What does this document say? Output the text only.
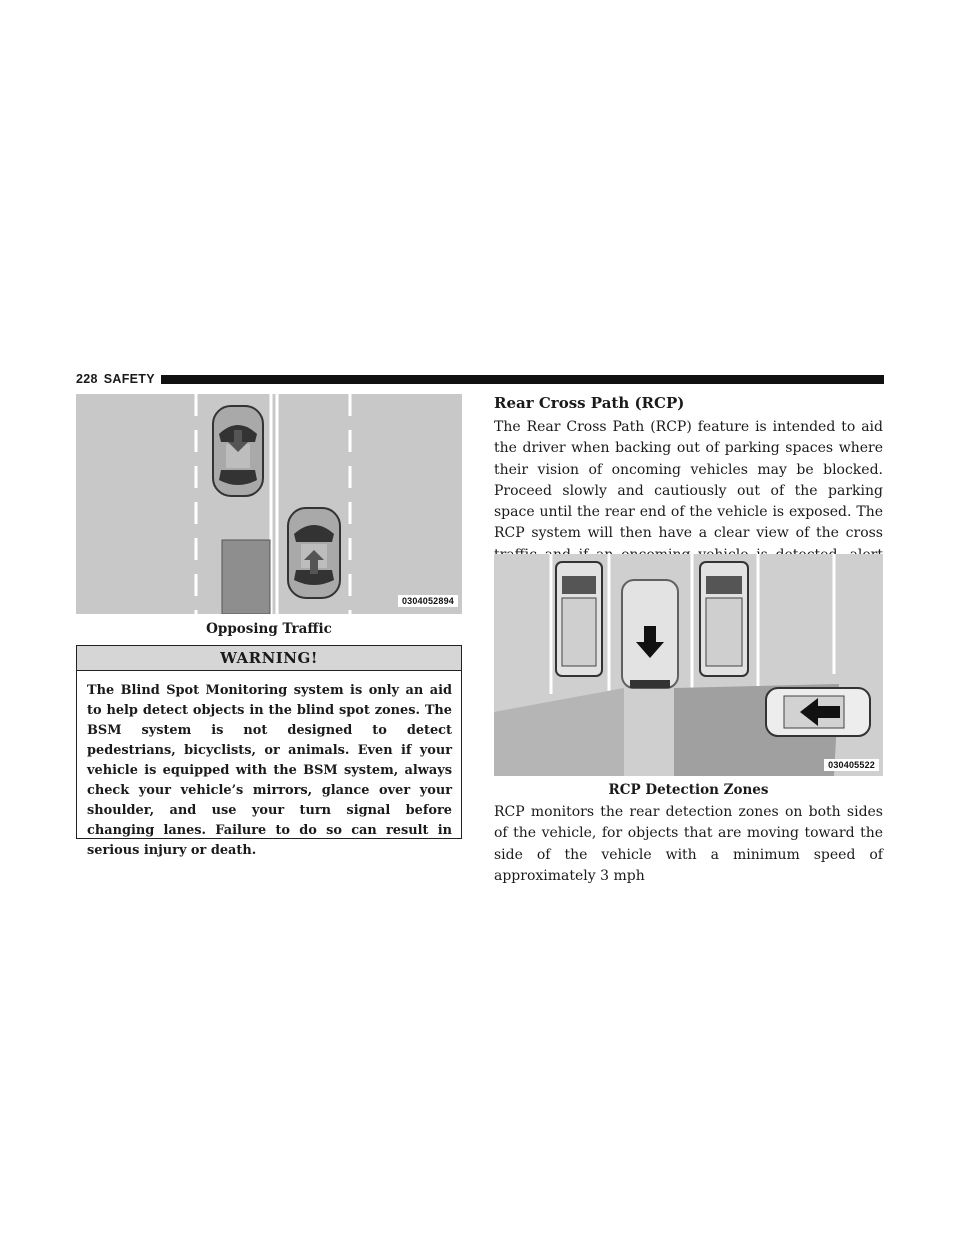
228 SAFETY
0304052894
Opposing Traffic
WARNING!
The Blind Spot Monitoring system is only an aid to help detect objects in the blind spot zones. The BSM system is not designed to detect pedestrians, bicyclists, or animals. Even if your vehicle is equipped with the BSM system, always check your vehicle’s mirrors, glance over your shoulder, and use your turn signal before changing lanes. Failure to do so can result in serious injury or death.
Rear Cross Path (RCP)
The Rear Cross Path (RCP) feature is intended to aid the driver when backing out of parking spaces where their vision of oncoming vehicles may be blocked. Proceed slowly and cautiously out of the parking space until the rear end of the vehicle is exposed. The RCP system will then have a clear view of the cross
030405522
RCP Detection Zones
RCP monitors the rear detection zones on both sides of the vehicle, for objects that are moving toward the side of the vehicle with a minimum speed of approximately 3 mph
